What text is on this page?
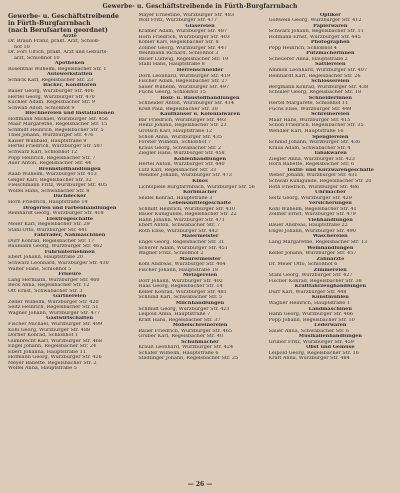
Gewerbe- u. Geschäftstreibende in Fürth-Burgfarrnbach
Gewerbe- u. Geschäftstreibende
in Fürth-Burgfarrnbach
(nach Berufsarten geordnet)
Ärzte
Dr. Braun Franz, prakt. Arzt, Schloß-
hof 10
Dr. Förl Ulrich, prakt. Arzt und Geburts-
arzt, Schloßhof 10
Apotheken
Rosenthal Wilhelm, Regelsbacher Str. 1
Autowerkstätten
Schlick Karl, Regelsbacher Str. 23
Bäcker, Konditoren
Bauer Georg, Würzburger Str. 406
Hertel Georg, Würzburger Str. 470
Kuchler Adam, Regelsbacher Str. 9
Schwab Adolf, Schloßhof 9
Blechnereien und Installationen
Hoffmann Michael, Würzburger Str. 456
Maar Margarethe, Regelsbacher Str. 15
Schmidt Heinrich, Regelsbacher Str. 5
Thiel Johann, Würzburger Str. 476
Kaiser Willibald, Hauptstraße 9
Hertel Friedrich, Würzburger Str. 507
Schwarz Karl, Schloßhof 12
Popp Heinrich, Regelsbacher Str. 7
Auer Anton, Regelsbacher Str. 44
Brennstoffhandlungen
Raab Wilhelm, Würzburger Str. 413
Geiger Karl, Regelsbacher Str. 32
Fleischmann Fritz, Würzburger Str. 405
Wölfel Hans, Schwabacher Str. 8
Dachdecker
Horn Friedrich, Hauptstraße 14
Drogerien und Farbenhandlungen
Reinhardt Georg, Würzburger Str. 418
Elektrogeschäfte
Meier Karl, Regelsbacher Str. 29
Stahl Otto, Würzburger Str. 441
Fahrräder, Nähmaschinen
Dürr Konrad, Regelsbacher Str. 17
Baumann Georg, Würzburger Str. 462
Fuhrunternehmen
Ebert Johann, Hauptstraße 20
Schwarz Leonhard, Würzburger Str. 430
Walter Hans, Schloßhof 5
Friseure
Lang Hermann, Würzburger Str. 460
Beck Anna, Regelsbacher Str. 12
Ott Ernst, Schwabacher Str. 3
Gärtnereien
Zeller Wilhelm, Würzburger Str. 420
Seitz Heinrich, Regelsbacher Str. 51
Wagner Johann, Würzburger Str. 477
Gastwirtschaften
Fischer Michael, Würzburger Str. 499
Kohl Georg, Würzburger Str. 488
Dörfler Konrad, Schloßhof 1
Gumbrecht Karl, Würzburger Str. 468
Engel Johann, Regelsbacher Str. 24
Ebert Johanna, Hauptstraße 11
Hofmann Georg, Würzburger Str. 426
Meyer Babette, Regelsbacher Str. 2
Wölfel Anna, Hauptstraße 5
Mayer Ernestine, Würzburger Str. 483
Wolf Fritz, Würzburger Str. 477
Glasereien
Kramer Adam, Würzburger Str. 487
Horn Friedrich, Würzburger Str. 403
Köhler Karl, Regelsbacher Str. 8
Zöllner Georg, Würzburger Str. 447
Weißmann Richard, Schloßhof 3
Bauer Ludwig, Regelsbacher Str. 19
Stahl Hans, Hauptstraße 8
Herrenschneider
Dorn Leonhard, Würzburger Str. 419
Fischer Adam, Regelsbacher Str. 27
Sauer Wilhelm, Würzburger Str. 497
Fuchs Georg, Schloßhof 15
Holz- u. Baustoffhandlungen
Schneider Anton, Würzburger Str. 414
Kreß Paul, Regelsbacher Str. 30
Kaufhäuser u. Kolonialwaren
Bär Friedrich, Würzburger Str. 493
Heinz Johann, Regelsbacher Str. 23
Grötsch Karl, Hauptstraße 12
Schön Anna, Würzburger Str. 435
Förster Wilhelm, Schloßhof 7
Kraus Georg, Schwabacher Str. 2
Ziegler Hans, Würzburger Str. 458
Kohlenhandlungen
Hertel Anton, Würzburger Str. 440
Lutz Karl, Regelsbacher Str. 33
Wendler Johann, Würzburger Str. 473
Kinos
Lichtspiele Burgfarrnbach, Würzburger Str. 56
Korbmacher
Seidel Konrad, Hauptstraße 3
Lebensmittelgeschäfte
Schmitt Heinrich, Würzburger Str. 410
Bauer Kunigunde, Regelsbacher Str. 22
Hahn Johann, Würzburger Str. 471
Ebert Anton, Schwabacher Str. 7
Roth Elise, Würzburger Str. 442
Malermeister
Engel Georg, Regelsbacher Str. 31
Scherer Adam, Würzburger Str. 451
Wagner Fritz, Schloßhof 2
Maurermeister
Kohl Andreas, Würzburger Str. 404
Fischer Johann, Hauptstraße 18
Metzgereien
Dörr Johann, Würzburger Str. 402
Haas Georg, Regelsbacher Str. 14
Keller Konrad, Würzburger Str. 481
Schlund Karl, Schwabacher Str. 5
Milchhandlungen
Schmidt Georg, Würzburger Str. 421
Leipold Anna, Hauptstraße 7
Kraft Hans, Regelsbacher Str. 37
Möbelschreinereien
Bauer Friedrich, Würzburger Str. 465
Gruber Karl, Regelsbacher Str. 40
Schuhmacher
Krauß Leonhard, Würzburger Str. 424
Schäfer Wilhelm, Hauptstraße 6
Stadlinger Johann, Regelsbacher Str. 25
Optiker
Gößwein Georg, Würzburger Str. 412
Papierwaren
Schwarz Johann, Regelsbacher Str. 11
Hofmann Ernst, Würzburger Str. 445
Photographen
Popp Heinrich, Schloßhof 4
Putzmacherinnen
Scheuerer Anna, Hauptstraße 2
Sattlereien
Ammon Leonhard, Würzburger Str. 407
Reinhardt Karl, Regelsbacher Str. 26
Schlossereien
Bergmann Konrad, Würzburger Str. 438
Schüller Georg, Regelsbacher Str. 18
Schneiderinnen
Hertel Margarete, Schloßhof 11
Fuchs Elise, Würzburger Str. 449
Schreinereien
Maar Hans, Würzburger Str. 415
Schön Friedrich, Regelsbacher Str. 35
Wendler Karl, Hauptstraße 16
Spenglereien
Schmid Johann, Würzburger Str. 436
Kraus Adam, Schwabacher Str. 4
Tabakwaren
Ziegler Anna, Würzburger Str. 423
Horn Babette, Regelsbacher Str. 6
Textil- und Kurzwarengeschäfte
Weber Johann, Würzburger Str. 431
Schwab Kunigunde, Regelsbacher Str. 20
Roth Friedrich, Würzburger Str. 486
Uhrmacher
Seitz Georg, Würzburger Str. 429
Versicherungen
Kohl Wilhelm, Regelsbacher Str. 41
Zöllner Ernst, Würzburger Str. 479
Viehhandlungen
Bauer Andreas, Hauptstraße 22
Engel Johann, Würzburger Str. 490
Wäschereien
Lang Margarethe, Regelsbacher Str. 13
Weinhandlungen
Keller Johann, Würzburger Str. 457
Zahnärzte
Dr. Meier Otto, Schloßhof 6
Zimmereien
Stahl Georg, Würzburger Str. 427
Fischer Konrad, Regelsbacher Str. 38
Kraftfahrzeughandlungen
Dürr Karl, Würzburger Str. 448
Kunstmühlen
Wagner Heinrich, Hauptstraße 1
Landmaschinen
Hahn Georg, Würzburger Str. 466
Popp Johann, Regelsbacher Str. 10
Lederwaren
Sauer Anna, Schwabacher Str. 6
Musikalienhandlungen
Gruber Fritz, Würzburger Str. 459
Obst und Gemüse
Leipold Georg, Regelsbacher Str. 16
Kraft Anna, Würzburger Str. 484
— 26 —
